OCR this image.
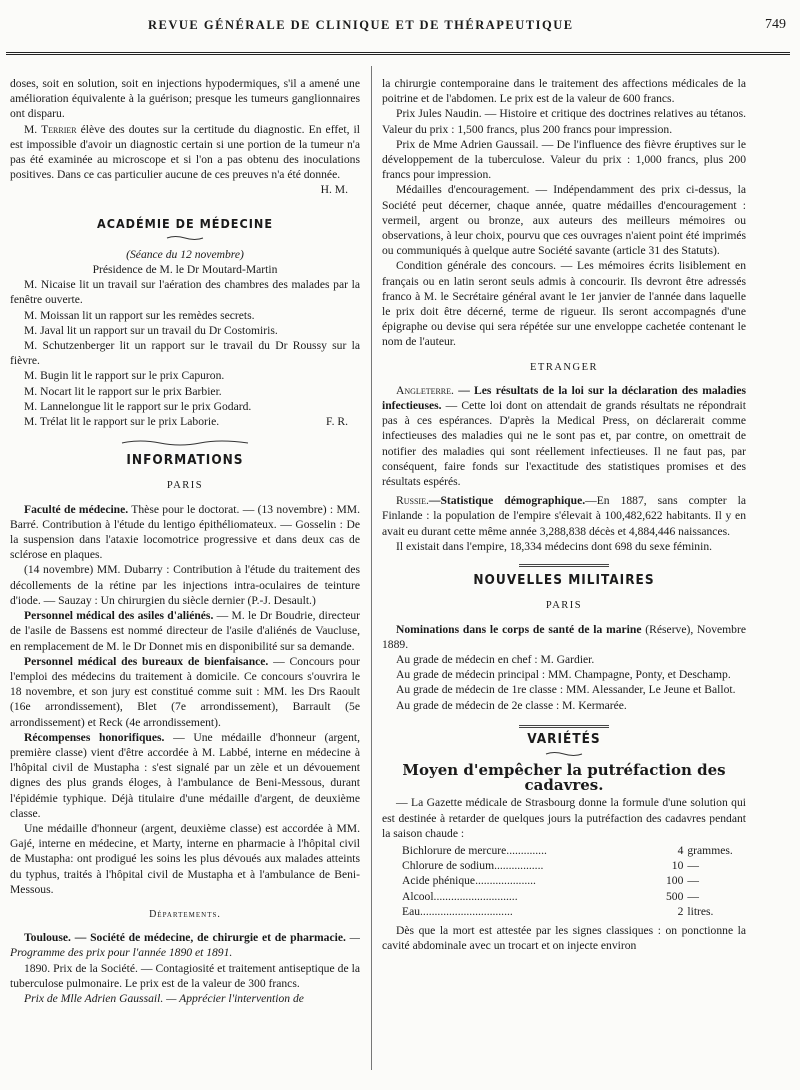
REVUE GÉNÉRALE DE CLINIQUE ET DE THÉRAPEUTIQUE	749

doses, soit en solution, soit en injections hypodermiques, s'il a amené une amélioration équivalente à la guérison; presque les tumeurs ganglionnaires ont disparu.

M. Terrier élève des doutes sur la certitude du diagnostic. En effet, il est impossible d'avoir un diagnostic certain si une portion de la tumeur n'a pas été examinée au microscope et si l'on a pas obtenu des inoculations positives. Dans ce cas particulier aucune de ces preuves n'a été donnée.

H. M.
ACADÉMIE DE MÉDECINE

(Séance du 12 novembre)

Présidence de M. le Dr Moutard-Martin

M. Nicaise lit un travail sur l'aération des chambres des malades par la fenêtre ouverte.

M. Moissan lit un rapport sur les remèdes secrets.

M. Javal lit un rapport sur un travail du Dr Costomiris.

M. Schutzenberger lit un rapport sur le travail du Dr Roussy sur la fièvre.

M. Bugin lit le rapport sur le prix Capuron.

M. Nocart lit le rapport sur le prix Barbier.

M. Lannelongue lit le rapport sur le prix Godard.

M. Trélat lit le rapport sur le prix Laborie.	F. R.
INFORMATIONS
PARIS

Faculté de médecine. Thèse pour le doctorat. — (13 novembre) : MM. Barré. Contribution à l'étude du lentigo épithéliomateux. — Gosselin : De la suspension dans l'ataxie locomotrice progressive et dans deux cas de sclérose en plaques.

(14 novembre) MM. Dubarry : Contribution à l'étude du traitement des décollements de la rétine par les injections intra-oculaires de teinture d'iode. — Sauzay : Un chirurgien du siècle dernier (P.-J. Desault.)

Personnel médical des asiles d'aliénés. — M. le Dr Boudrie, directeur de l'asile de Bassens est nommé directeur de l'asile d'aliénés de Vaucluse, en remplacement de M. le Dr Donnet mis en disponibilité sur sa demande.

Personnel médical des bureaux de bienfaisance. — Concours pour l'emploi des médecins du traitement à domicile. Ce concours s'ouvrira le 18 novembre, et son jury est constitué comme suit : MM. les Drs Raoult (16e arrondissement), Blet (7e arrondissement), Barrault (5e arrondissement) et Reck (4e arrondissement).

Récompenses honorifiques. — Une médaille d'honneur (argent, première classe) vient d'être accordée à M. Labbé, interne en médecine à l'hôpital civil de Mustapha : s'est signalé par un zèle et un dévouement dignes des plus grands éloges, à l'ambulance de Beni-Messous, durant l'épidémie typhique. Déjà titulaire d'une médaille d'argent, de deuxième classe.

Une médaille d'honneur (argent, deuxième classe) est accordée à MM. Gajé, interne en médecine, et Marty, interne en pharmacie à l'hôpital civil de Mustapha: ont prodigué les soins les plus dévoués aux malades atteints du typhus, traités à l'hôpital civil de Mustapha et à l'ambulance de Beni-Messous.

Départements.

Toulouse. — Société de médecine, de chirurgie et de pharmacie. — Programme des prix pour l'année 1890 et 1891.

1890. Prix de la Société. — Contagiosité et traitement antiseptique de la tuberculose pulmonaire. Le prix est de la valeur de 300 francs.

Prix de Mlle Adrien Gaussail. — Apprécier l'intervention de

la chirurgie contemporaine dans le traitement des affections médicales de la poitrine et de l'abdomen. Le prix est de la valeur de 600 francs.

Prix Jules Naudin. — Histoire et critique des doctrines relatives au tétanos. Valeur du prix : 1,500 francs, plus 200 francs pour impression.

Prix de Mme Adrien Gaussail. — De l'influence des fièvre éruptives sur le développement de la tuberculose. Valeur du prix : 1,000 francs, plus 200 francs pour impression.

Médailles d'encouragement. — Indépendamment des prix ci-dessus, la Société peut décerner, chaque année, quatre médailles d'encouragement : vermeil, argent ou bronze, aux auteurs des meilleurs mémoires ou observations, à leur choix, pourvu que ces ouvrages n'aient point été imprimés ou communiqués à quelque autre Société savante (article 31 des Statuts).

Condition générale des concours. — Les mémoires écrits lisiblement en français ou en latin seront seuls admis à concourir. Ils devront être adressés franco à M. le Secrétaire général avant le 1er janvier de l'année dans laquelle le prix doit être décerné, terme de rigueur. Ils seront accompagnés d'une épigraphe ou devise qui sera répétée sur une enveloppe cachetée contenant le nom de l'auteur.

ETRANGER

Angleterre. — Les résultats de la loi sur la déclaration des maladies infectieuses. — Cette loi dont on attendait de grands résultats ne répondrait pas à ces espérances. D'après la Medical Press, on déclarerait comme infectieuses des maladies qui ne le sont pas et, par contre, on omettrait de notifier des maladies qui sont réellement infectieuses. Il ne faut pas, par conséquent, faire fonds sur l'exactitude des statistiques promises et des résultats espérés.

Russie.—Statistique démographique.—En 1887, sans compter la Finlande : la population de l'empire s'élevait à 100,482,622 habitants. Il y en avait eu durant cette même année 3,288,838 décès et 4,884,446 naissances.

Il existait dans l'empire, 18,334 médecins dont 698 du sexe féminin.

NOUVELLES MILITAIRES
PARIS

Nominations dans le corps de santé de la marine (Réserve), Novembre 1889.

Au grade de médecin en chef : M. Gardier.

Au grade de médecin principal : MM. Champagne, Ponty, et Deschamp.

Au grade de médecin de 1re classe : MM. Alessander, Le Jeune et Ballot.

Au grade de médecin de 2e classe : M. Kermarée.

VARIÉTÉS
Moyen d'empêcher la putréfaction des cadavres.

— La Gazette médicale de Strasbourg donne la formule d'une solution qui est destinée à retarder de quelques jours la putréfaction des cadavres pendant la saison chaude :

Bichlorure de mercure..............	4 grammes.
Chlorure de sodium.................	10 —
Acide phénique.....................	100 —
Alcool.............................	500 —
Eau................................	2 litres.

Dès que la mort est attestée par les signes classiques : on ponctionne la cavité abdominale avec un trocart et on injecte environ
